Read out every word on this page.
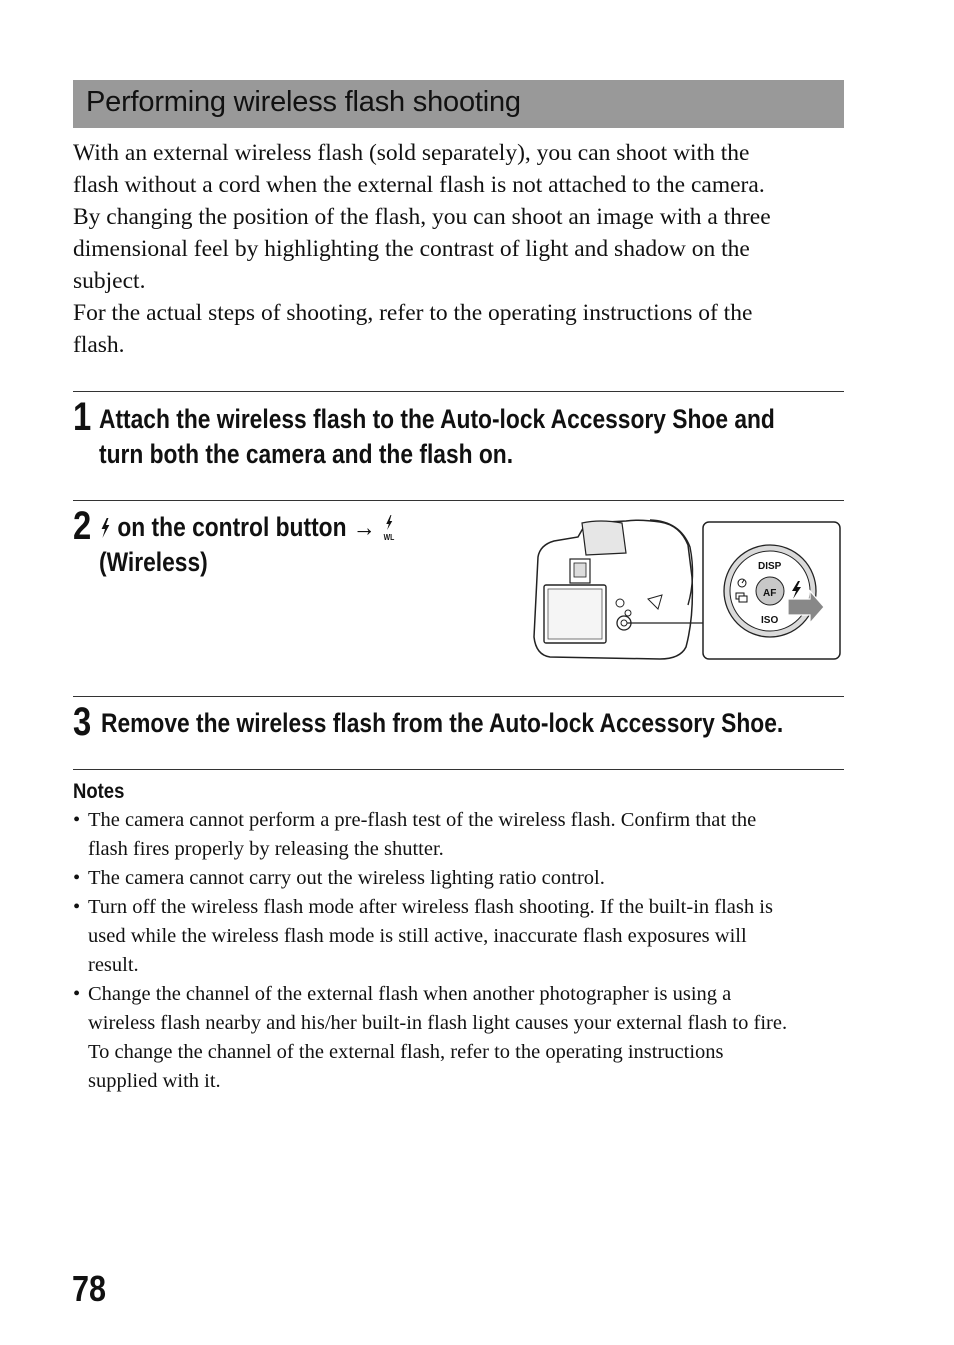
Performing wireless flash shooting

With an external wireless flash (sold separately), you can shoot with the

flash without a cord when the external flash is not attached to the camera.

By changing the position of the flash, you can shoot an image with a three

dimensional feel by highlighting the contrast of light and shadow on the

subject.

For the actual steps of shooting, refer to the operating instructions of the

flash.

1 Attach the wireless flash to the Auto-lock Accessory Shoe and
turn both the camera and the flash on.
2 on the control button → WL
(Wireless)	DISP
AF
ISO
3 Remove the wireless flash from the Auto-lock Accessory Shoe.
Notes
• The camera cannot perform a pre-flash test of the wireless flash. Confirm that the
flash fires properly by releasing the shutter.
• The camera cannot carry out the wireless lighting ratio control.
• Turn off the wireless flash mode after wireless flash shooting. If the built-in flash is
used while the wireless flash mode is still active, inaccurate flash exposures will
result.
• Change the channel of the external flash when another photographer is using a
wireless flash nearby and his/her built-in flash light causes your external flash to fire.
To change the channel of the external flash, refer to the operating instructions
supplied with it.
78
